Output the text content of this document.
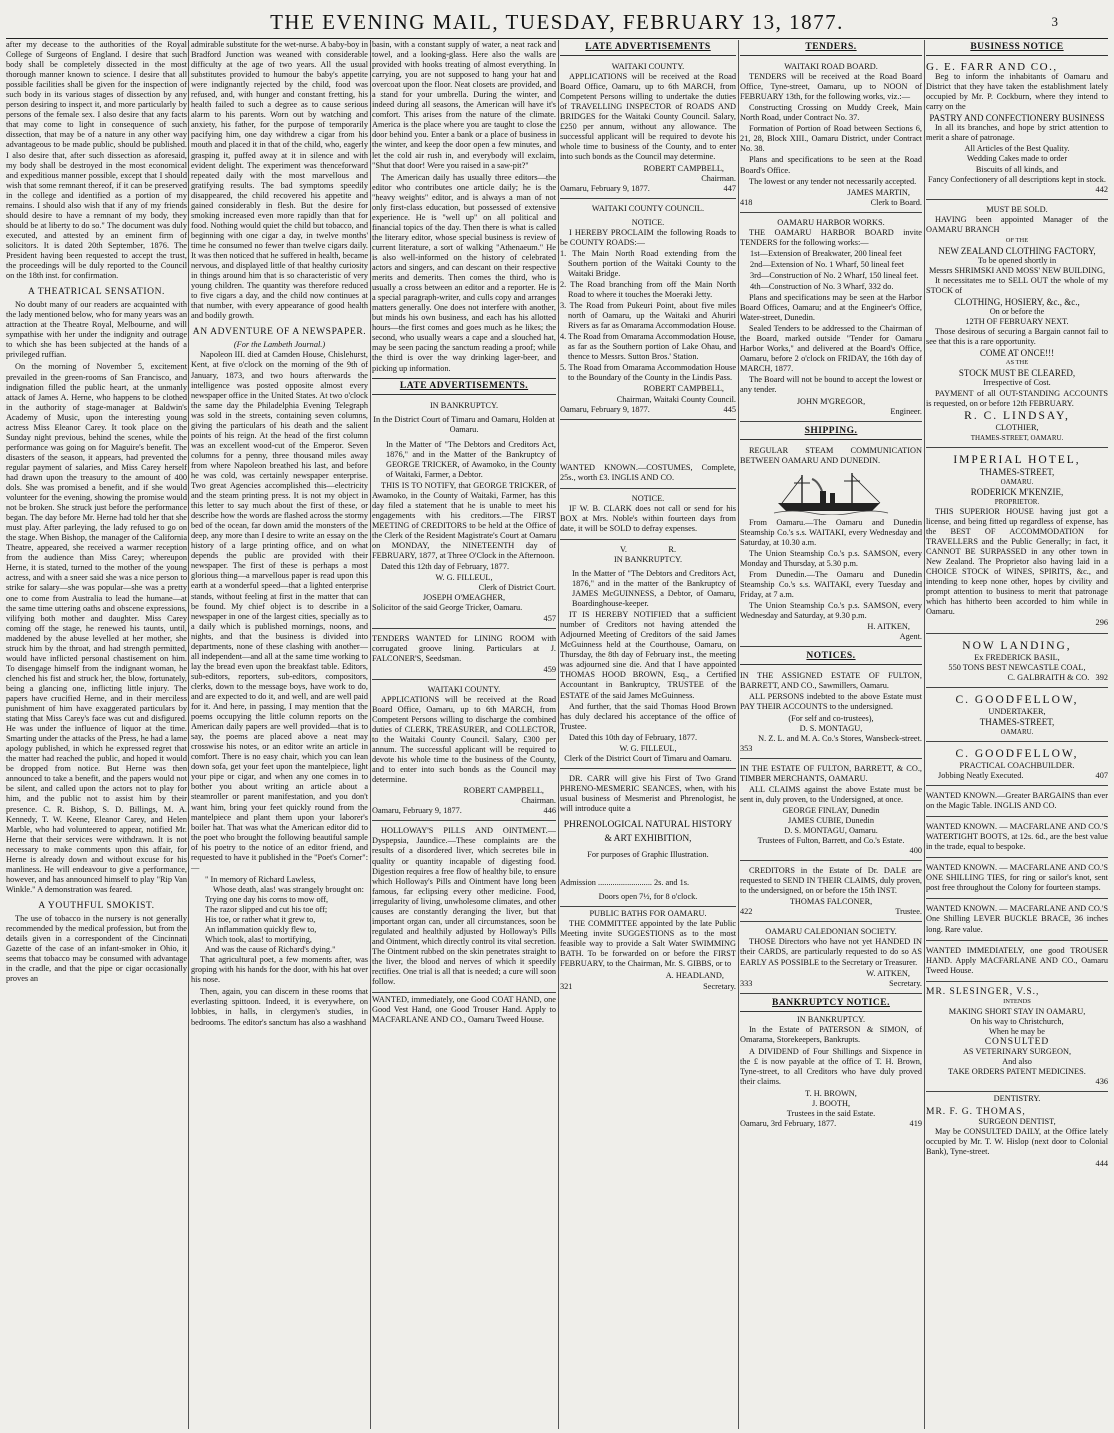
THE EVENING MAIL, TUESDAY, FEBRUARY 13, 1877.	3

after my decease to the authorities of the Royal College of Surgeons of England. I desire that such body shall be completely dissected in the most thorough manner known to science. I desire that all possible facilities shall be given for the inspection of such body in its various stages of dissection by any person desiring to inspect it, and more particularly by persons of the female sex. I also desire that any facts that may come to light in consequence of such dissection, that may be of a nature in any other way advantageous to be made public, should be published. I also desire that, after such dissection as aforesaid, my body shall be destroyed in the most economical and expeditious manner possible, except that I should wish that some remnant thereof, if it can be preserved in the college and identified as a portion of my remains. I should also wish that if any of my friends should desire to have a remnant of my body, they should be at liberty to do so." The document was duly executed, and attested by an eminent firm of solicitors. It is dated 20th September, 1876. The President having been requested to accept the trust, the proceedings will be duly reported to the Council on the 18th inst. for confirmation.

A THEATRICAL SENSATION.

No doubt many of our readers are acquainted with the lady mentioned below, who for many years was an attraction at the Theatre Royal, Melbourne, and will sympathise with her under the indignity and outrage to which she has been subjected at the hands of a privileged ruffian.

On the morning of November 5, excitement prevailed in the green-rooms of San Francisco, and indignation filled the public heart, at the unmanly attack of James A. Herne, who happens to be clothed in the authority of stage-manager at Baldwin's Academy of Music, upon the interesting young actress Miss Eleanor Carey. It took place on the Sunday night previous, behind the scenes, while the performance was going on for Maguire's benefit. The disasters of the season, it appears, had prevented the regular payment of salaries, and Miss Carey herself had drawn upon the treasury to the amount of 400 dols. She was promised a benefit, and if she would volunteer for the evening, showing the promise would not be broken. She struck just before the performance began. The day before Mr. Herne had told her that she must play. After parleying, the lady refused to go on the stage. When Bishop, the manager of the California Theatre, appeared, she received a warmer reception from the audience than Miss Carey; whereupon Herne, it is stated, turned to the mother of the young actress, and with a sneer said she was a nice person to strike for salary—she was popular—she was a pretty one to come from Australia to lead the humane—at the same time uttering oaths and obscene expressions, vilifying both mother and daughter. Miss Carey coming off the stage, he renewed his taunts, until, maddened by the abuse levelled at her mother, she struck him by the throat, and had strength permitted, would have inflicted personal chastisement on him. To disengage himself from the indignant woman, he clenched his fist and struck her, the blow, fortunately, being a glancing one, inflicting little injury. The papers have crucified Herne, and in their merciless punishment of him have exaggerated particulars by stating that Miss Carey's face was cut and disfigured. He was under the influence of liquor at the time. Smarting under the attacks of the Press, he had a lame apology published, in which he expressed regret that the matter had reached the public, and hoped it would be dropped from notice. But Herne was then announced to take a benefit, and the papers would not be silent, and called upon the actors not to play for him, and the public not to assist him by their presence. C. R. Bishop, S. D. Billings, M. A. Kennedy, T. W. Keene, Eleanor Carey, and Helen Marble, who had volunteered to appear, notified Mr. Herne that their services were withdrawn. It is not necessary to make comments upon this affair, for Herne is already down and without excuse for his manliness. He will endeavour to give a performance, however, and has announced himself to play "Rip Van Winkle." A demonstration was feared.

A YOUTHFUL SMOKIST.

The use of tobacco in the nursery is not generally recommended by the medical profession, but from the details given in a correspondent of the Cincinnati Gazette of the case of an infant-smoker in Ohio, it seems that tobacco may be consumed with advantage in the cradle, and that the pipe or cigar occasionally proves an

admirable substitute for the wet-nurse. A baby-boy in Bradford Junction was weaned with considerable difficulty at the age of two years. All the usual substitutes provided to humour the baby's appetite were indignantly rejected by the child, food was refused, and, with hunger and constant fretting, his health failed to such a degree as to cause serious alarm to his parents. Worn out by watching and anxiety, his father, for the purpose of temporarily pacifying him, one day withdrew a cigar from his mouth and placed it in that of the child, who, eagerly grasping it, puffed away at it in silence and with evident delight. The experiment was thenceforward repeated daily with the most marvellous and gratifying results. The bad symptoms speedily disappeared, the child recovered his appetite and gained considerably in flesh. But the desire for smoking increased even more rapidly than that for food. Nothing would quiet the child but tobacco, and beginning with one cigar a day, in twelve months' time he consumed no fewer than twelve cigars daily. It was then noticed that he suffered in health, became nervous, and displayed little of that healthy curiosity in things around him that is so characteristic of very young children. The quantity was therefore reduced to five cigars a day, and the child now continues at that number, with every appearance of good health and bodily growth.

AN ADVENTURE OF A NEWSPAPER.
(For the Lambeth Journal.)

Napoleon III. died at Camden House, Chislehurst, Kent, at five o'clock on the morning of the 9th of January, 1873, and two hours afterwards the intelligence was posted opposite almost every newspaper office in the United States. At two o'clock the same day the Philadelphia Evening Telegraph was sold in the streets, containing seven columns, giving the particulars of his death and the salient points of his reign. At the head of the first column was an excellent wood-cut of the Emperor. Seven columns for a penny, three thousand miles away from where Napoleon breathed his last, and before he was cold, was certainly newspaper enterprise. Two great Agencies accomplished this—electricity and the steam printing press. It is not my object in this letter to say much about the first of these, or describe how the words are flashed across the stormy bed of the ocean, far down amid the monsters of the deep, any more than I desire to write an essay on the history of a large printing office, and on what depends the public are provided with their newspaper. The first of these is perhaps a most glorious thing—a marvellous paper is read upon this earth at a wonderful speed—that a lighted enterprise stands, without feeling at first in the matter that can be found. My chief object is to describe in a newspaper in one of the largest cities, specially as to a daily which is published mornings, noons, and nights, and that the business is divided into departments, none of these clashing with another—all independent—and all at the same time working to lay the bread even upon the breakfast table. Editors, sub-editors, reporters, sub-editors, compositors, clerks, down to the message boys, have work to do, and are expected to do it, and well, and are well paid for it. And here, in passing, I may mention that the poems occupying the little column reports on the American daily papers are well provided—that is to say, the poems are placed above a neat may crosswise his notes, or an editor write an article in comfort. There is no easy chair, which you can lean down sofa, get your feet upon the mantelpiece, light your pipe or cigar, and when any one comes in to bother you about writing an article about a steamroller or parent manifestation, and you don't want him, bring your feet quickly round from the mantelpiece and plant them upon your laborer's boiler hat. That was what the American editor did to the poet who brought the following beautiful sample of his poetry to the notice of an editor friend, and requested to have it published in the "Poet's Corner":—

" In memory of Richard Lawless,
Whose death, alas! was strangely brought on:
Trying one day his corns to mow off,
The razor slipped and cut his toe off;
His toe, or rather what it grew to,
An inflammation quickly flew to,
Which took, alas! to mortifying,
And was the cause of Richard's dying."

That agricultural poet, a few moments after, was groping with his hands for the door, with his hat over his nose.

Then, again, you can discern in these rooms that everlasting spittoon. Indeed, it is everywhere, on lobbies, in halls, in clergymen's studies, in bedrooms. The editor's sanctum has also a washhand

basin, with a constant supply of water, a neat rack and towel, and a looking-glass. Here also the walls are provided with hooks treating of almost everything. In carrying, you are not supposed to hang your hat and overcoat upon the floor. Neat closets are provided, and a stand for your umbrella. During the winter, and indeed during all seasons, the American will have it's comfort. This arises from the nature of the climate. America is the place where you are taught to close the door behind you. Enter a bank or a place of business in the winter, and keep the door open a few minutes, and let the cold air rush in, and everybody will exclaim, "Shut that door! Were you raised in a saw-pit?"

The American daily has usually three editors—the editor who contributes one article daily; he is the "heavy weights" editor, and is always a man of not only first-class education, but possessed of extensive experience. He is "well up" on all political and financial topics of the day. Then there is what is called the literary editor, whose special business is review of current literature, a sort of walking "Athenaeum." He is also well-informed on the history of celebrated actors and singers, and can descant on their respective merits and demerits. Then comes the third, who is usually a cross between an editor and a reporter. He is a special paragraph-writer, and culls copy and arranges matters generally. One does not interfere with another, but minds his own business, and each has his allotted hours—the first comes and goes much as he likes; the second, who usually wears a cape and a slouched hat, may be seen pacing the sanctum reading a proof; while the third is over the way drinking lager-beer, and picking up information.

LATE ADVERTISEMENTS.
IN BANKRUPTCY.

In the District Court of Timaru and Oamaru, Holden at Oamaru.

In the Matter of "The Debtors and Creditors Act, 1876," and in the Matter of the Bankruptcy of GEORGE TRICKER, of Awamoko, in the County of Waitaki, Farmer, a Debtor.

THIS IS TO NOTIFY, that GEORGE TRICKER, of Awamoko, in the County of Waitaki, Farmer, has this day filed a statement that he is unable to meet his engagements with his creditors.—The FIRST MEETING of CREDITORS to be held at the Office of the Clerk of the Resident Magistrate's Court at Oamaru on MONDAY, the NINETEENTH day of FEBRUARY, 1877, at Three O'Clock in the Afternoon.

Dated this 12th day of February, 1877.

W. G. FILLEUL,
Clerk of District Court.
JOSEPH O'MEAGHER,
Solicitor of the said George Tricker, Oamaru.
457

TENDERS WANTED for LINING ROOM with corrugated groove lining. Particulars at J. FALCONER'S, Seedsman.

459
WAITAKI COUNTY.

APPLICATIONS will be received at the Road Board Office, Oamaru, up to 6th MARCH, from Competent Persons willing to discharge the combined duties of CLERK, TREASURER, and COLLECTOR, to the Waitaki County Council. Salary, £300 per annum. The successful applicant will be required to devote his whole time to the business of the County, and to enter into such bonds as the Council may determine.

ROBERT CAMPBELL,
Chairman.
Oamaru, February 9, 1877.	446

HOLLOWAY'S PILLS AND OINTMENT.—Dyspepsia, Jaundice.—These complaints are the results of a disordered liver, which secretes bile in quality or quantity incapable of digesting food. Digestion requires a free flow of healthy bile, to ensure which Holloway's Pills and Ointment have long been famous, far eclipsing every other medicine. Food, irregularity of living, unwholesome climates, and other causes are constantly deranging the liver, but that important organ can, under all circumstances, soon be regulated and healthily adjusted by Holloway's Pills and Ointment, which directly control its vital secretion. The Ointment rubbed on the skin penetrates straight to the liver, the blood and nerves of which it speedily rectifies. One trial is all that is needed; a cure will soon follow.

WANTED, immediately, one Good COAT HAND, one Good Vest Hand, one Good Trouser Hand. Apply to MACFARLANE AND CO., Oamaru Tweed House.

LATE ADVERTISEMENTS
WAITAKI COUNTY.

APPLICATIONS will be received at the Road Board Office, Oamaru, up to 6th MARCH, from Competent Persons willing to undertake the duties of TRAVELLING INSPECTOR of ROADS AND BRIDGES for the Waitaki County Council. Salary, £250 per annum, without any allowance. The successful applicant will be required to devote his whole time to business of the County, and to enter into such bonds as the Council may determine.

ROBERT CAMPBELL,
Chairman.
Oamaru, February 9, 1877.	447
WAITAKI COUNTY COUNCIL.
NOTICE.

I HEREBY PROCLAIM the following Roads to be COUNTY ROADS:—

1. The Main North Road extending from the Southern portion of the Waitaki County to the Waitaki Bridge.

2. The Road branching from off the Main North Road to where it touches the Moeraki Jetty.

3. The Road from Pukeuri Point, about five miles north of Oamaru, up the Waitaki and Ahuriri Rivers as far as Omarama Accommodation House.

4. The Road from Omarama Accommodation House, as far as the Southern portion of Lake Ohau, and thence to Messrs. Sutton Bros.' Station.

5. The Road from Omarama Accommodation House to the Boundary of the County in the Lindis Pass.

ROBERT CAMPBELL,
Chairman, Waitaki County Council.
Oamaru, February 9, 1877.	445

WANTED KNOWN.—COSTUMES, Complete, 25s., worth £3. INGLIS AND CO.

NOTICE.

IF W. B. CLARK does not call or send for his BOX at Mrs. Noble's within fourteen days from date, it will be SOLD to defray expenses.

V.                    R.
IN BANKRUPTCY.

In the Matter of "The Debtors and Creditors Act, 1876," and in the matter of the Bankruptcy of JAMES McGUINNESS, a Debtor, of Oamaru, Boardinghouse-keeper.

IT IS HEREBY NOTIFIED that a sufficient number of Creditors not having attended the Adjourned Meeting of Creditors of the said James McGuinness held at the Courthouse, Oamaru, on Thursday, the 8th day of February inst., the meeting was adjourned sine die. And that I have appointed THOMAS HOOD BROWN, Esq., a Certified Accountant in Bankruptcy, TRUSTEE of the ESTATE of the said James McGuinness.

And further, that the said Thomas Hood Brown has duly declared his acceptance of the office of Trustee.

Dated this 10th day of February, 1877.

W. G. FILLEUL,
Clerk of the District Court of Timaru and Oamaru.

DR. CARR will give his First of Two Grand PHRENO-MESMERIC SEANCES, when, with his usual business of Mesmerist and Phrenologist, he will introduce quite a

PHRENOLOGICAL NATURAL HISTORY & ART EXHIBITION,
For purposes of Graphic Illustration.
Admission .......................... 2s. and 1s.
Doors open 7½, for 8 o'clock.
PUBLIC BATHS FOR OAMARU.

THE COMMITTEE appointed by the late Public Meeting invite SUGGESTIONS as to the most feasible way to provide a Salt Water SWIMMING BATH. To be forwarded on or before the FIRST FEBRUARY, to the Chairman, Mr. S. GIBBS, or to

A. HEADLAND,
321	Secretary.
TENDERS.
WAITAKI ROAD BOARD.

TENDERS will be received at the Road Board Office, Tyne-street, Oamaru, up to NOON of FEBRUARY 13th, for the following works, viz.:—

Constructing Crossing on Muddy Creek, Main North Road, under Contract No. 37.

Formation of Portion of Road between Sections 6, 21, 28, Block XIII., Oamaru District, under Contract No. 38.

Plans and specifications to be seen at the Road Board's Office.

The lowest or any tender not necessarily accepted.

JAMES MARTIN,
418	Clerk to Board.
OAMARU HARBOR WORKS.

THE OAMARU HARBOR BOARD invite TENDERS for the following works:—

1st—Extension of Breakwater, 200 lineal feet

2nd—Extension of No. 1 Wharf, 50 lineal feet

3rd—Construction of No. 2 Wharf, 150 lineal feet.

4th—Construction of No. 3 Wharf, 332 do.

Plans and specifications may be seen at the Harbor Board Offices, Oamaru; and at the Engineer's Office, Water-street, Dunedin.

Sealed Tenders to be addressed to the Chairman of the Board, marked outside "Tender for Oamaru Harbor Works," and delivered at the Board's Office, Oamaru, before 2 o'clock on FRIDAY, the 16th day of MARCH, 1877.

The Board will not be bound to accept the lowest or any tender.

JOHN M'GREGOR,
Engineer.
SHIPPING.

REGULAR STEAM COMMUNICATION BETWEEN OAMARU AND DUNEDIN.

From Oamaru.—The Oamaru and Dunedin Steamship Co.'s s.s. WAITAKI, every Wednesday and Saturday, at 10.30 a.m.

The Union Steamship Co.'s p.s. SAMSON, every Monday and Thursday, at 5.30 p.m.

From Dunedin.—The Oamaru and Dunedin Steamship Co.'s s.s. WAITAKI, every Tuesday and Friday, at 7 a.m.

The Union Steamship Co.'s p.s. SAMSON, every Wednesday and Saturday, at 9.30 p.m.

H. AITKEN,
Agent.
NOTICES.

IN THE ASSIGNED ESTATE OF FULTON, BARRETT, AND CO., Sawmillers, Oamaru.

ALL PERSONS indebted to the above Estate must PAY THEIR ACCOUNTS to the undersigned.

(For self and co-trustees),
D. S. MONTAGU,
N. Z. L. and M. A. Co.'s Stores, Wansbeck-street.
353

IN THE ESTATE OF FULTON, BARRETT, & CO., TIMBER MERCHANTS, OAMARU.

ALL CLAIMS against the above Estate must be sent in, duly proven, to the Undersigned, at once.

GEORGE FINLAY, Dunedin
JAMES CUBIE, Dunedin
D. S. MONTAGU, Oamaru.
Trustees of Fulton, Barrett, and Co.'s Estate.
400

CREDITORS in the Estate of Dr. DALE are requested to SEND IN THEIR CLAIMS, duly proven, to the undersigned, on or before the 15th INST.

THOMAS FALCONER,
422	Trustee.
OAMARU CALEDONIAN SOCIETY.

THOSE Directors who have not yet HANDED IN their CARDS, are particularly requested to do so AS EARLY AS POSSIBLE to the Secretary or Treasurer.

W. AITKEN,
333	Secretary.
BANKRUPTCY NOTICE.
IN BANKRUPTCY.

In the Estate of PATERSON & SIMON, of Omarama, Storekeepers, Bankrupts.

A DIVIDEND of Four Shillings and Sixpence in the £ is now payable at the office of T. H. Brown, Tyne-street, to all Creditors who have duly proved their claims.

T. H. BROWN,
J. BOOTH,
Trustees in the said Estate.
Oamaru, 3rd February, 1877.	419
BUSINESS NOTICE
G. E. FARR AND CO.,

Beg to inform the inhabitants of Oamaru and District that they have taken the establishment lately occupied by Mr. P. Cockburn, where they intend to carry on the

PASTRY AND CONFECTIONERY BUSINESS

In all its branches, and hope by strict attention to merit a share of patronage.

All Articles of the Best Quality.
Wedding Cakes made to order
Biscuits of all kinds, and
Fancy Confectionery of all descriptions kept in stock.
442
MUST BE SOLD.

HAVING been appointed Manager of the OAMARU BRANCH

OF THE
NEW ZEALAND CLOTHING FACTORY,
To be opened shortly in
Messrs SHRIMSKI AND MOSS' NEW BUILDING,

It necessitates me to SELL OUT the whole of my STOCK of

CLOTHING, HOSIERY, &c., &c.,
On or before the
12TH OF FEBRUARY NEXT.

Those desirous of securing a Bargain cannot fail to see that this is a rare opportunity.

COME AT ONCE!!!
AS THE
STOCK MUST BE CLEARED,
Irrespective of Cost.

PAYMENT of all OUT-STANDING ACCOUNTS is requested, on or before 12th FEBRUARY.

R. C. LINDSAY,
CLOTHIER,
THAMES-STREET, OAMARU.
IMPERIAL HOTEL,
THAMES-STREET,
OAMARU.
RODERICK M'KENZIE,
PROPRIETOR.

THIS SUPERIOR HOUSE having just got a license, and being fitted up regardless of expense, has the BEST OF ACCOMMODATION for TRAVELLERS and the Public Generally; in fact, it CANNOT BE SURPASSED in any other town in New Zealand. The Proprietor also having laid in a CHOICE STOCK of WINES, SPIRITS, &c., and intending to keep none other, hopes by civility and prompt attention to business to merit that patronage which has hitherto been accorded to him while in Oamaru.

296
NOW LANDING,
Ex FREDERICK BASIL,
550 TONS BEST NEWCASTLE COAL,
C. GALBRAITH & CO. 392
C. GOODFELLOW,
UNDERTAKER,
THAMES-STREET,
OAMARU.
C. GOODFELLOW,
PRACTICAL COACHBUILDER.
Jobbing Neatly Executed.	407

WANTED KNOWN.—Greater BARGAINS than ever on the Magic Table. INGLIS AND CO.

WANTED KNOWN. — MACFARLANE AND CO.'S WATERTIGHT BOOTS, at 12s. 6d., are the best value in the trade, equal to bespoke.

WANTED KNOWN. — MACFARLANE AND CO.'S ONE SHILLING TIES, for ring or sailor's knot, sent post free throughout the Colony for fourteen stamps.

WANTED KNOWN. — MACFARLANE AND CO.'S One Shilling LEVER BUCKLE BRACE, 36 inches long. Rare value.

WANTED IMMEDIATELY, one good TROUSER HAND. Apply MACFARLANE AND CO., Oamaru Tweed House.

MR. SLESINGER, V.S.,
INTENDS
MAKING SHORT STAY IN OAMARU,
On his way to Christchurch,
When he may be
CONSULTED
AS VETERINARY SURGEON,
And also
TAKE ORDERS PATENT MEDICINES.
436
DENTISTRY.
MR. F. G. THOMAS,
SURGEON DENTIST,

May be CONSULTED DAILY, at the Office lately occupied by Mr. T. W. Hislop (next door to Colonial Bank), Tyne-street.

444
